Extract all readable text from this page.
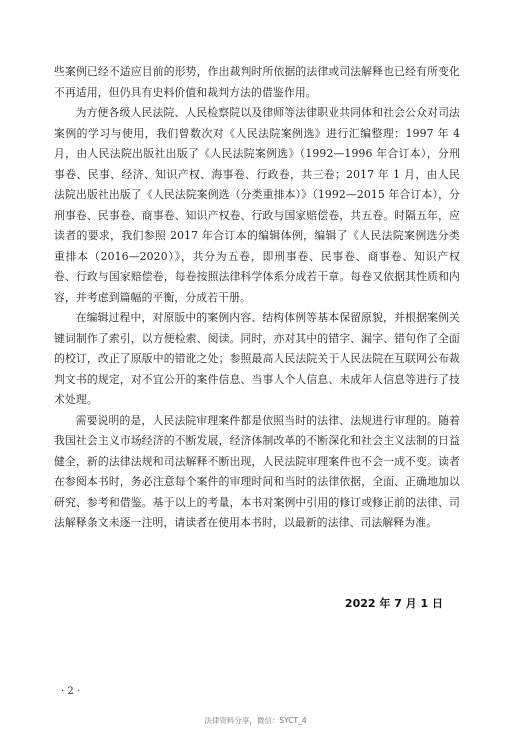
些案例已经不适应目前的形势，作出裁判时所依据的法律或司法解释也已经有所变化不再适用，但仍具有史料价值和裁判方法的借鉴作用。

为方便各级人民法院、人民检察院以及律师等法律职业共同体和社会公众对司法案例的学习与使用，我们曾数次对《人民法院案例选》进行汇编整理：1997 年 4 月，由人民法院出版社出版了《人民法院案例选》（1992—1996 年合订本），分刑事卷、民事、经济、知识产权、海事卷、行政卷，共三卷；2017 年 1 月，由人民法院出版社出版了《人民法院案例选（分类重排本）》（1992—2015 年合订本），分刑事卷、民事卷、商事卷、知识产权卷、行政与国家赔偿卷，共五卷。时隔五年，应读者的要求，我们参照 2017 年合订本的编辑体例，编辑了《人民法院案例选分类重排本（2016—2020）》，共分为五卷，即刑事卷、民事卷、商事卷、知识产权卷、行政与国家赔偿卷，每卷按照法律科学体系分成若干章。每卷又依据其性质和内容，并考虑到篇幅的平衡，分成若干册。

在编辑过程中，对原版中的案例内容、结构体例等基本保留原貌，并根据案例关键词制作了索引，以方便检索、阅读。同时，亦对其中的错字、漏字、错句作了全面的校订，改正了原版中的错讹之处；参照最高人民法院关于人民法院在互联网公布裁判文书的规定，对不宜公开的案件信息、当事人个人信息、未成年人信息等进行了技术处理。

需要说明的是，人民法院审理案件都是依照当时的法律、法规进行审理的。随着我国社会主义市场经济的不断发展，经济体制改革的不断深化和社会主义法制的日益健全，新的法律法规和司法解释不断出现，人民法院审理案件也不会一成不变。读者在参阅本书时，务必注意每个案件的审理时间和当时的法律依据，全面、正确地加以研究、参考和借鉴。基于以上的考量，本书对案例中引用的修订或修正前的法律、司法解释条文未逐一注明，请读者在使用本书时，以最新的法律、司法解释为准。

2022 年 7 月 1 日
· 2 ·
法律资料分享，微信：SYCT_4
